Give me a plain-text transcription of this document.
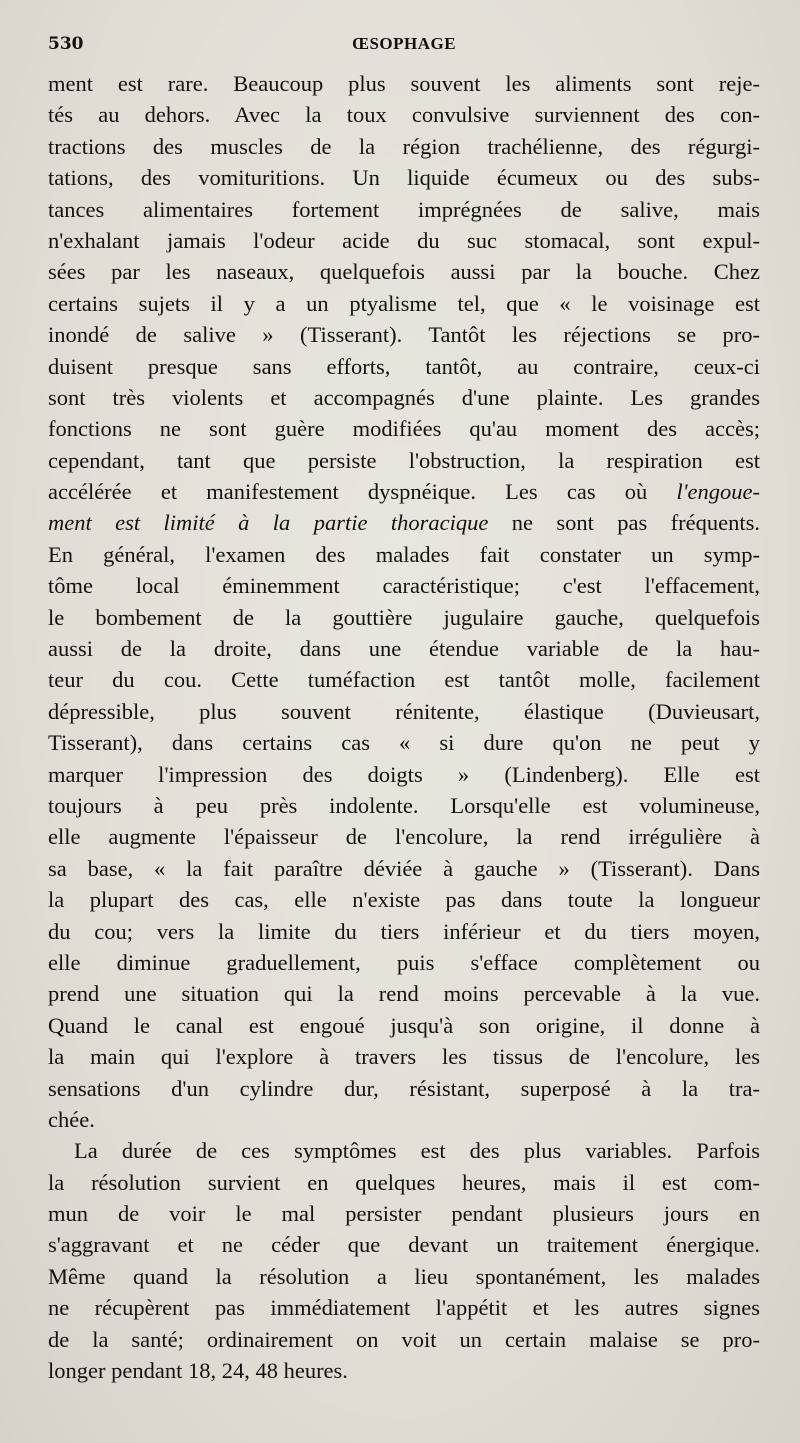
530	ŒSOPHAGE
ment est rare. Beaucoup plus souvent les aliments sont reje-
tés au dehors. Avec la toux convulsive surviennent des con-
tractions des muscles de la région trachélienne, des régurgi-
tations, des vomituritions. Un liquide écumeux ou des subs-
tances alimentaires fortement imprégnées de salive, mais
n'exhalant jamais l'odeur acide du suc stomacal, sont expul-
sées par les naseaux, quelquefois aussi par la bouche. Chez
certains sujets il y a un ptyalisme tel, que « le voisinage est
inondé de salive » (Tisserant). Tantôt les réjections se pro-
duisent presque sans efforts, tantôt, au contraire, ceux-ci
sont très violents et accompagnés d'une plainte. Les grandes
fonctions ne sont guère modifiées qu'au moment des accès;
cependant, tant que persiste l'obstruction, la respiration est
accélérée et manifestement dyspnéique. Les cas où l'engoue-
ment est limité à la partie thoracique ne sont pas fréquents.
En général, l'examen des malades fait constater un symp-
tôme local éminemment caractéristique; c'est l'effacement,
le bombement de la gouttière jugulaire gauche, quelquefois
aussi de la droite, dans une étendue variable de la hau-
teur du cou. Cette tuméfaction est tantôt molle, facilement
dépressible, plus souvent rénitente, élastique (Duvieusart,
Tisserant), dans certains cas « si dure qu'on ne peut y
marquer l'impression des doigts » (Lindenberg). Elle est
toujours à peu près indolente. Lorsqu'elle est volumineuse,
elle augmente l'épaisseur de l'encolure, la rend irrégulière à
sa base, « la fait paraître déviée à gauche » (Tisserant). Dans
la plupart des cas, elle n'existe pas dans toute la longueur
du cou; vers la limite du tiers inférieur et du tiers moyen,
elle diminue graduellement, puis s'efface complètement ou
prend une situation qui la rend moins percevable à la vue.
Quand le canal est engoué jusqu'à son origine, il donne à
la main qui l'explore à travers les tissus de l'encolure, les
sensations d'un cylindre dur, résistant, superposé à la tra-
chée.
La durée de ces symptômes est des plus variables. Parfois
la résolution survient en quelques heures, mais il est com-
mun de voir le mal persister pendant plusieurs jours en
s'aggravant et ne céder que devant un traitement énergique.
Même quand la résolution a lieu spontanément, les malades
ne récupèrent pas immédiatement l'appétit et les autres signes
de la santé; ordinairement on voit un certain malaise se pro-
longer pendant 18, 24, 48 heures.
